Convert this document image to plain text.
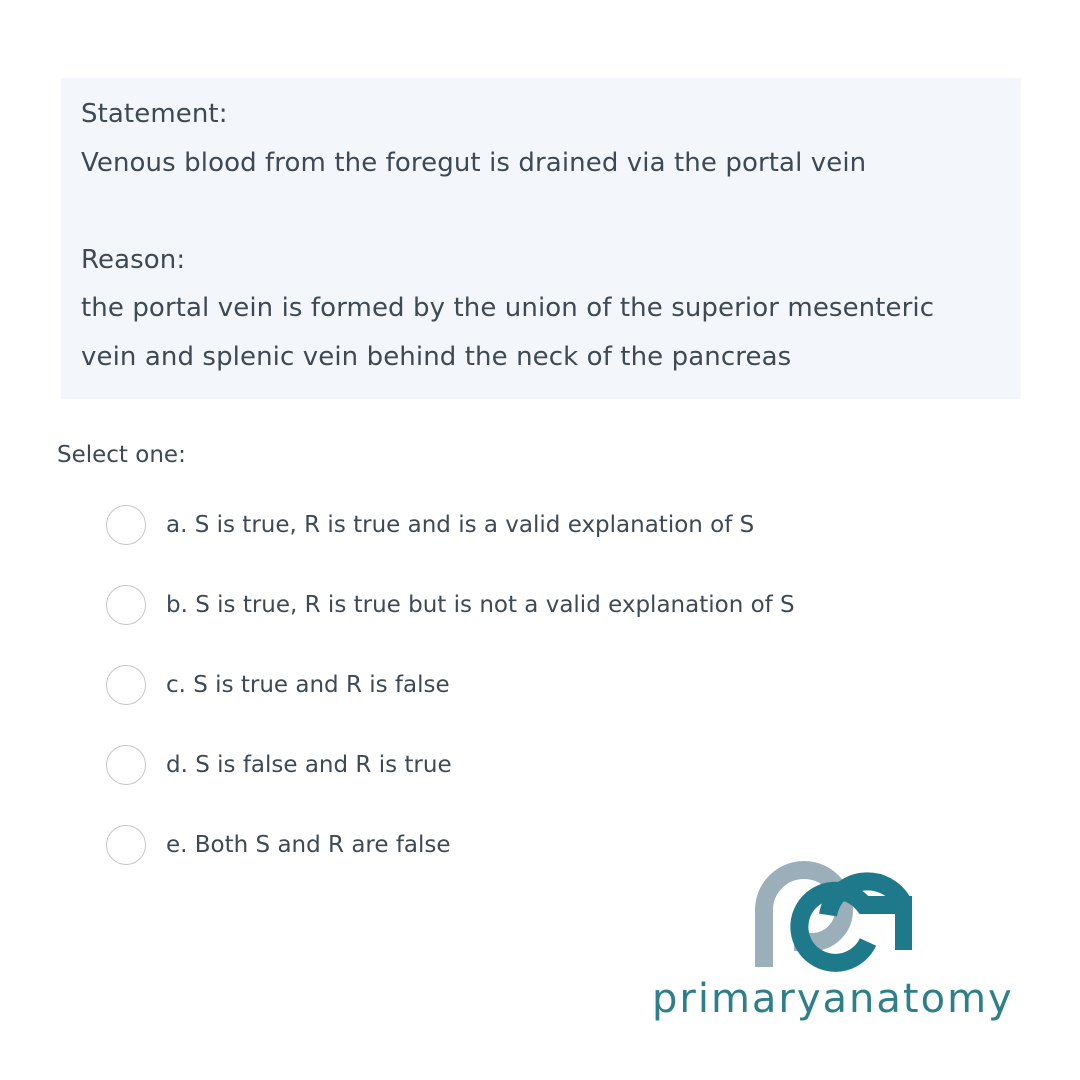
Statement:
Venous blood from the foregut is drained via the portal vein
Reason:
the portal vein is formed by the union of the superior mesenteric
vein and splenic vein behind the neck of the pancreas
Select one:
a. S is true, R is true and is a valid explanation of S
b. S is true, R is true but is not a valid explanation of S
c. S is true and R is false
d. S is false and R is true
e. Both S and R are false
primaryanatomy
